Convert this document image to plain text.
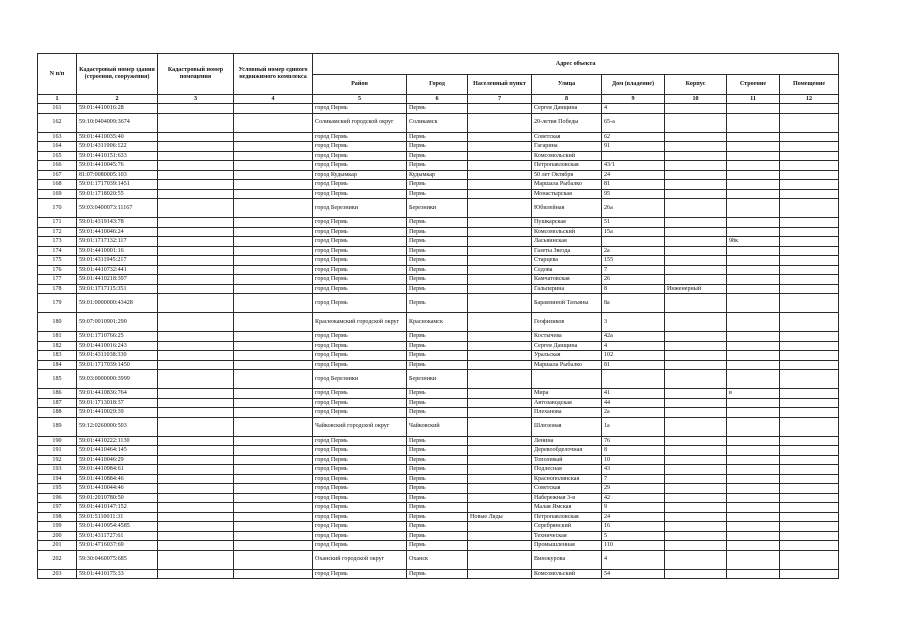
N п/п	Кадастровый номер здания (строения, сооружения)	Кадастровый номер помещения	Условный номер единого недвижимого комплекса	Адрес объекта							
				Район	Город	Населенный пункт	Улица	Дом (владение)	Корпус	Строение	Помещение
1	2	3	4	5	6	7	8	9	10	11	12
161	59:01:4410016:28			город Пермь	Пермь		Сергея Данщина	4			
162	59:10:0404009:3674			Соликамский городской округ	Соликамск		20-летия Победы	65-а			
163	59:01:4410035:40			город Пермь	Пермь		Советская	62			
164	59:01:4311906:122			город Пермь	Пермь		Гагарина	91			
165	59:01:4410151:633			город Пермь	Пермь		Комсомольский				
166	59:01:4410045:76			город Пермь	Пермь		Петропавловская	43/1			
167	81:07:0080005:103			город Кудымкар	Кудымкар		50 лет Октября	24			
168	59:01:1717039:1451			город Пермь	Пермь		Маршала Рыбалко	81			
169	59:01:1718020:55			город Пермь	Пермь		Монастырская	95			
170	59:03:0400073:11167			город Березники	Березники		Юбилейная	26а			
171	59:01:4319143:78			город Пермь	Пермь		Пушкарская	51			
172	59:01:4410046:24			город Пермь	Пермь		Комсомольский	15а			
173	59:01:1717132:117			город Пермь	Пермь		Ласьвинская			98к	
174	59:01:4410001:16			город Пермь	Пермь		Газеты Звезда	2а			
175	59:01:4311945:217			город Пермь	Пермь		Старцева	155			
176	59:01:4410732:441			город Пермь	Пермь		Седова	7			
177	59:01:4410218:397			город Пермь	Пермь		Камчатовская	26			
178	59:01:1717115:351			город Пермь	Пермь		Гальперина	8	Инженерный		
179	59:01:0000000:43428			город Пермь	Пермь		Барамзиной Татьяны	8а			
180	59:07:0010901:290			Краснокамский городской округ	Краснокамск		Геофизиков	3			
181	59:01:1710766:25			город Пермь	Пермь		Костычева	42а			
182	59:01:4410016:243			город Пермь	Пермь		Сергея Данщина	4			
183	59:01:4311038:330			город Пермь	Пермь		Уральская	102			
184	59:01:1717039:1450			город Пермь	Пермь		Маршала Рыбалко	81			
185	59:03:0000000:3999			город Березники	Березники						
186	59:01:4410836:764			город Пермь	Пермь		Мира	41		в	
187	59:01:1713018:37			город Пермь	Пермь		Автозаводская	44			
188	59:01:4410029:39			город Пермь	Пермь		Плеханова	2а			
189	59:12:0260000:503			Чайковский городской округ	Чайковский		Шлюзовая	1а			
190	59:01:4410222:1130			город Пермь	Пермь		Ленина	76			
191	59:01:4410464:145			город Пермь	Пермь		Деревообделочная	8			
192	59:01:4410046:29			город Пермь	Пермь		Тополевый	10			
193	59:01:4410984:61			город Пермь	Пермь		Подлесная	43			
194	59:01:4410884:46			город Пермь	Пермь		Краснополянская	7			
195	59:01:4410044:46			город Пермь	Пермь		Советская	29			
196	59:01:2010780:50			город Пермь	Пермь		Набережная 3-я	42			
197	59:01:4410147:152			город Пермь	Пермь		Малая Ямская	9			
198	59:01:5110011:31			город Пермь	Пермь	Новые Ляды	Петропавловская	24			
199	59:01:4410954:4585			город Пермь	Пермь		Серебрянский	16			
200	59:01:4311727:61			город Пермь	Пермь		Техническая	5			
201	59:01:4716037:69			город Пермь	Пермь		Промышленная	110			
202	59:30:0460075:685			Оханский городской округ	Оханск		Винокурова	4			
203	59:01:4410175:33			город Пермь	Пермь		Комсомольский	54			
